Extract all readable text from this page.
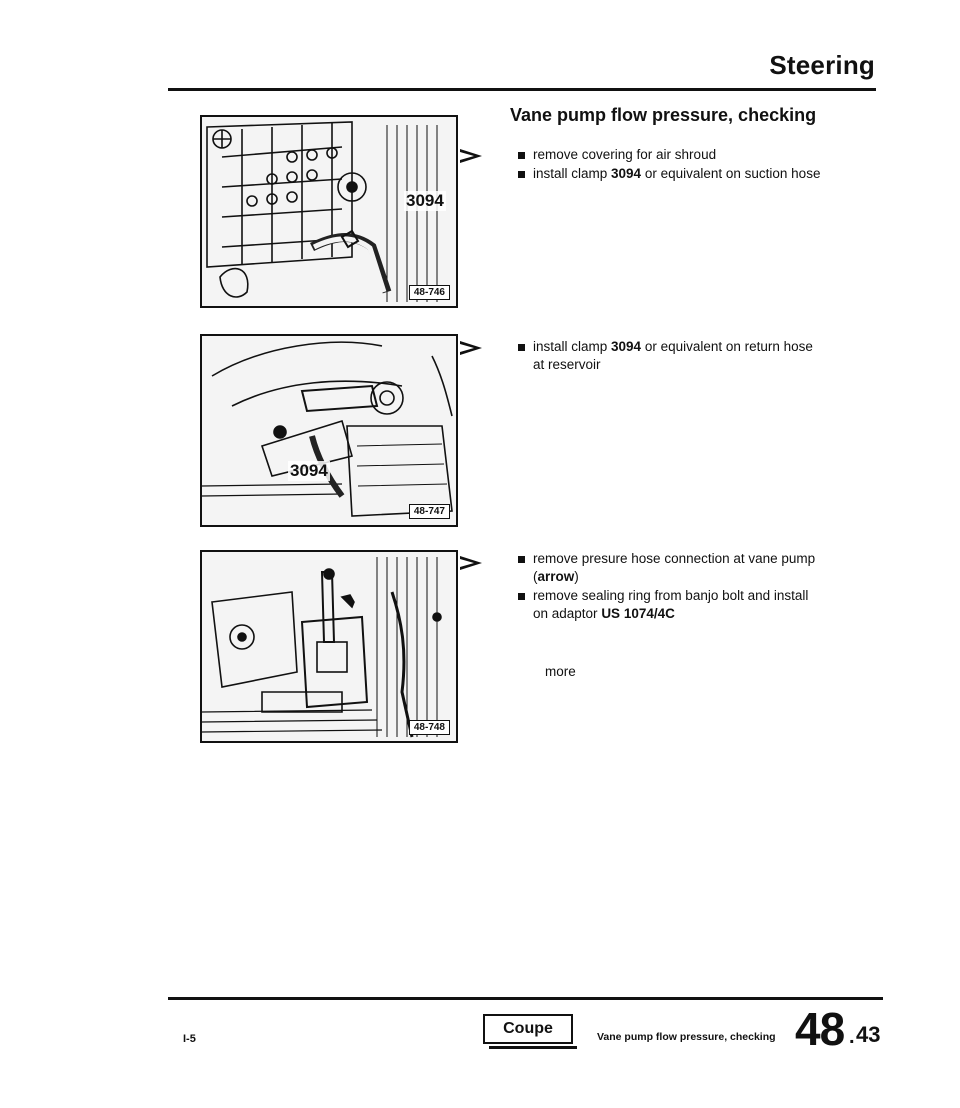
Steering
3094
48-746
3094
48-747
48-748
Vane pump flow pressure, checking
remove covering for air shroud
install clamp 3094 or equivalent on suction hose
install clamp 3094 or equivalent on return hose at reservoir
remove presure hose connection at vane pump (arrow)
remove sealing ring from banjo bolt and install on adaptor US 1074/4C
more
I-5
Coupe	Vane pump flow pressure, checking 48 . 43
